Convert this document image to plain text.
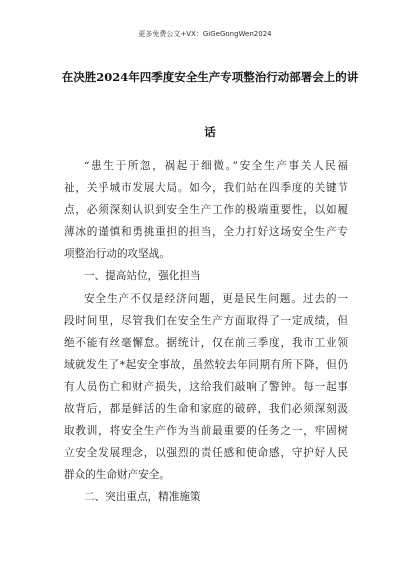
更多免费公文+VX：GiGeGongWen2024
在决胜2024年四季度安全生产专项整治行动部署会上的讲
话
“患生于所忽，祸起于细微。”安全生产事关人民福
祉，关乎城市发展大局。如今，我们站在四季度的关键节
点，必须深刻认识到安全生产工作的极端重要性，以如履
薄冰的谨慎和勇挑重担的担当，全力打好这场安全生产专
项整治行动的攻坚战。
一、提高站位，强化担当
安全生产不仅是经济问题，更是民生问题。过去的一
段时间里，尽管我们在安全生产方面取得了一定成绩，但
绝不能有丝毫懈怠。据统计，仅在前三季度，我市工业领
域就发生了*起安全事故，虽然较去年同期有所下降，但仍
有人员伤亡和财产损失，这给我们敲响了警钟。每一起事
故背后，都是鲜活的生命和家庭的破碎，我们必须深刻汲
取教训，将安全生产作为当前最重要的任务之一，牢固树
立安全发展理念，以强烈的责任感和使命感，守护好人民
群众的生命财产安全。
二、突出重点，精准施策
